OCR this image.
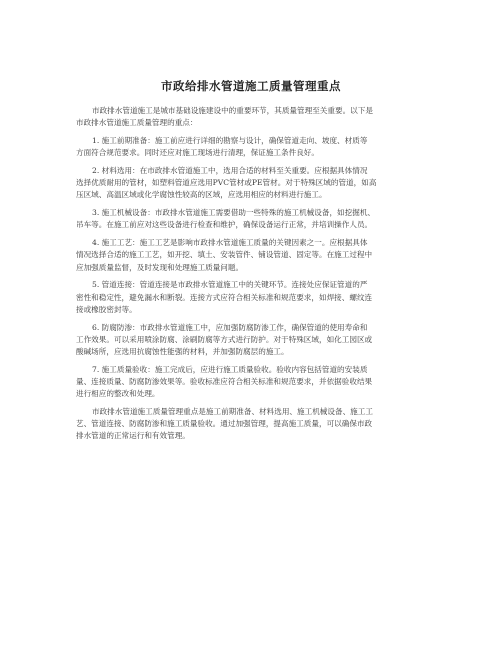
市政给排水管道施工质量管理重点
市政排水管道施工是城市基础设施建设中的重要环节，其质量管理至关重要。以下是
市政排水管道施工质量管理的重点：
1. 施工前期准备：施工前应进行详细的勘察与设计，确保管道走向、坡度、材质等
方面符合规范要求。同时还应对施工现场进行清理，保证施工条件良好。
2. 材料选用：在市政排水管道施工中，选用合适的材料至关重要。应根据具体情况
选择优质耐用的管材，如塑料管道应选用PVC管材或PE管材。对于特殊区域的管道，如高
压区域、高温区域或化学腐蚀性较高的区域，应选用相应的材料进行施工。
3. 施工机械设备：市政排水管道施工需要借助一些特殊的施工机械设备，如挖掘机、
吊车等。在施工前应对这些设备进行检查和维护，确保设备运行正常，并培训操作人员。
4. 施工工艺：施工工艺是影响市政排水管道施工质量的关键因素之一。应根据具体
情况选择合适的施工工艺，如开挖、填土、安装管件、铺设管道、固定等。在施工过程中
应加强质量监督，及时发现和处理施工质量问题。
5. 管道连接：管道连接是市政排水管道施工中的关键环节。连接处应保证管道的严
密性和稳定性，避免漏水和断裂。连接方式应符合相关标准和规范要求，如焊接、螺纹连
接或橡胶密封等。
6. 防腐防渗：市政排水管道施工中，应加强防腐防渗工作，确保管道的使用寿命和
工作效果。可以采用喷涂防腐、涂刷防腐等方式进行防护。对于特殊区域，如化工园区或
酸碱场所，应选用抗腐蚀性能强的材料，并加强防腐层的施工。
7. 施工质量验收：施工完成后，应进行施工质量验收。验收内容包括管道的安装质
量、连接质量、防腐防渗效果等。验收标准应符合相关标准和规范要求，并依据验收结果
进行相应的整改和处理。
市政排水管道施工质量管理重点是施工前期准备、材料选用、施工机械设备、施工工
艺、管道连接、防腐防渗和施工质量验收。通过加强管理，提高施工质量，可以确保市政
排水管道的正常运行和有效管理。
